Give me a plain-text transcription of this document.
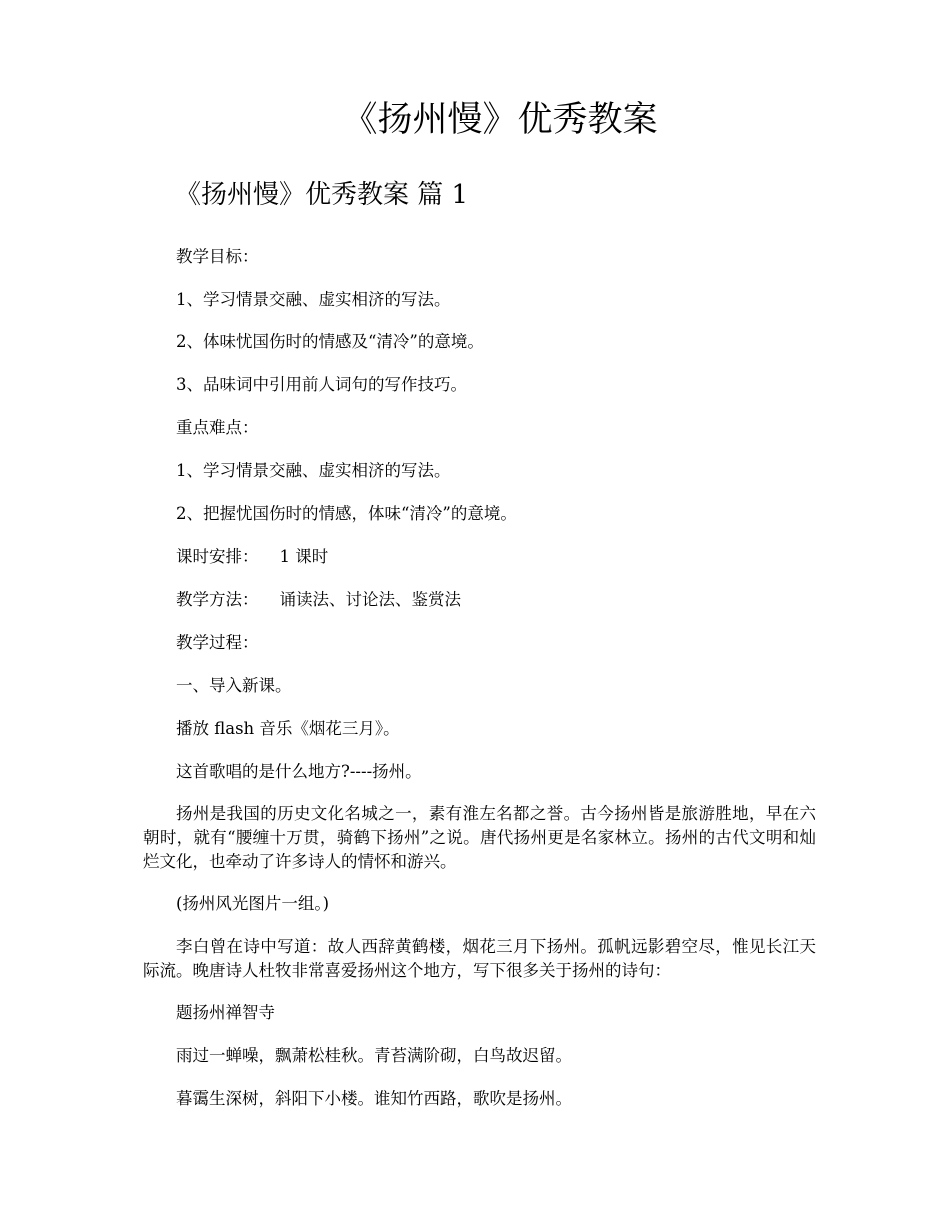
《扬州慢》优秀教案
《扬州慢》优秀教案 篇 1

教学目标：

1、学习情景交融、虚实相济的写法。

2、体味忧国伤时的情感及“清冷”的意境。

3、品味词中引用前人词句的写作技巧。

重点难点：

1、学习情景交融、虚实相济的写法。

2、把握忧国伤时的情感，体味“清冷”的意境。

课时安排：    1 课时

教学方法：    诵读法、讨论法、鉴赏法

教学过程：

一、导入新课。

播放 flash 音乐《烟花三月》。

这首歌唱的是什么地方?----扬州。

扬州是我国的历史文化名城之一，素有淮左名都之誉。古今扬州皆是旅游胜地，早在六朝时，就有“腰缠十万贯，骑鹤下扬州”之说。唐代扬州更是名家林立。扬州的古代文明和灿烂文化，也牵动了许多诗人的情怀和游兴。

(扬州风光图片一组。)

李白曾在诗中写道：故人西辞黄鹤楼，烟花三月下扬州。孤帆远影碧空尽，惟见长江天际流。晚唐诗人杜牧非常喜爱扬州这个地方，写下很多关于扬州的诗句：

题扬州禅智寺

雨过一蝉噪，飘萧松桂秋。青苔满阶砌，白鸟故迟留。

暮霭生深树，斜阳下小楼。谁知竹西路，歌吹是扬州。
